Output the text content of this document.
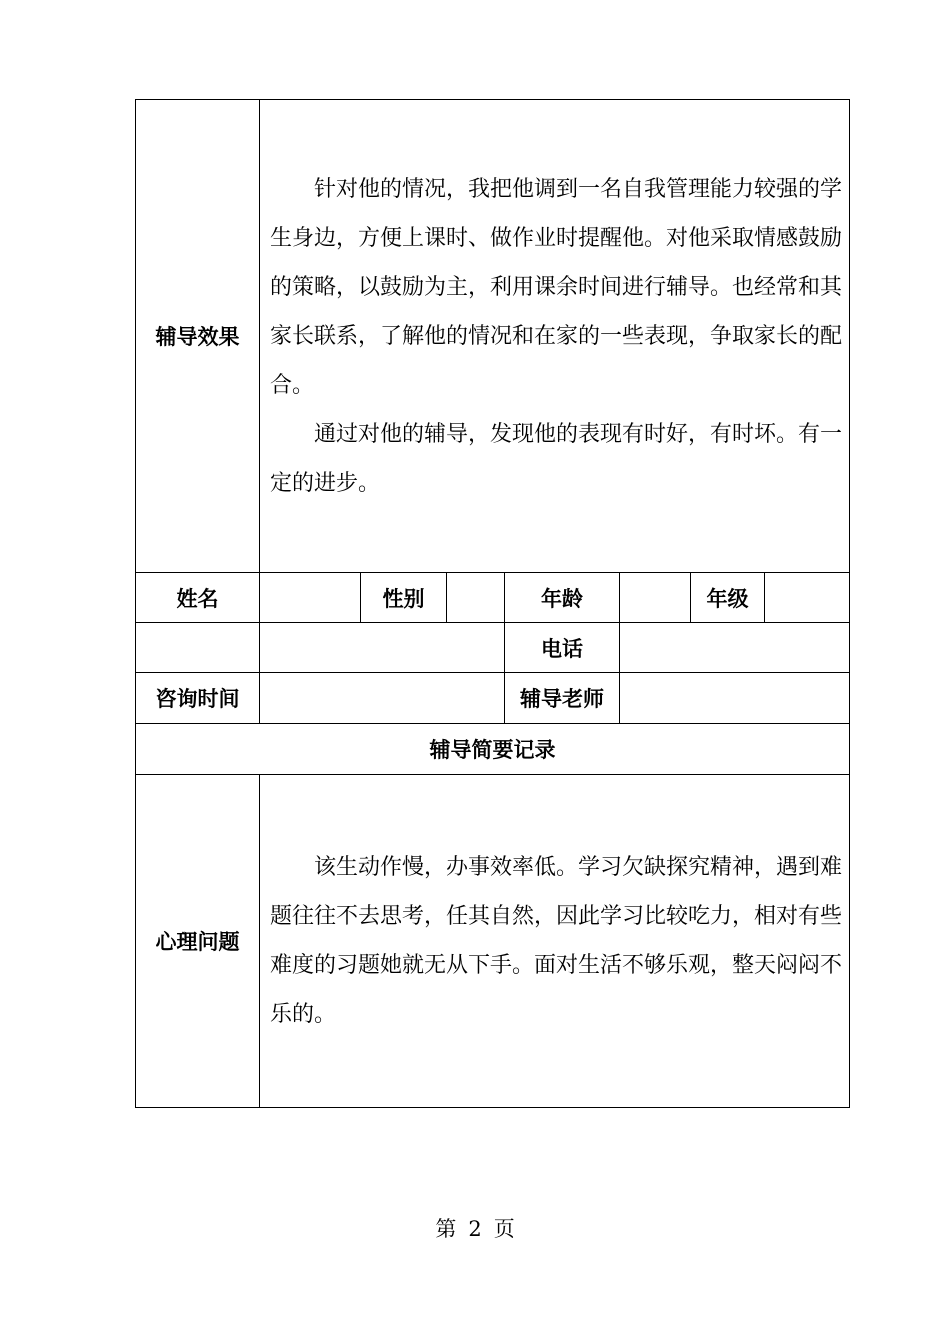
辅导效果	针对他的情况，我把他调到一名自我管理能力较强的学生身边，方便上课时、做作业时提醒他。对他采取情感鼓励的策略，以鼓励为主，利用课余时间进行辅导。也经常和其家长联系，了解他的情况和在家的一些表现，争取家长的配合。

通过对他的辅导，发现他的表现有时好，有时坏。有一定的进步。						

姓名		性别		年龄		年级	
				电话			
咨询时间				辅导老师			
辅导简要记录							
心理问题	该生动作慢，办事效率低。学习欠缺探究精神，遇到难题往往不去思考，任其自然，因此学习比较吃力，相对有些难度的习题她就无从下手。面对生活不够乐观，整天闷闷不乐的。						

第 2 页
